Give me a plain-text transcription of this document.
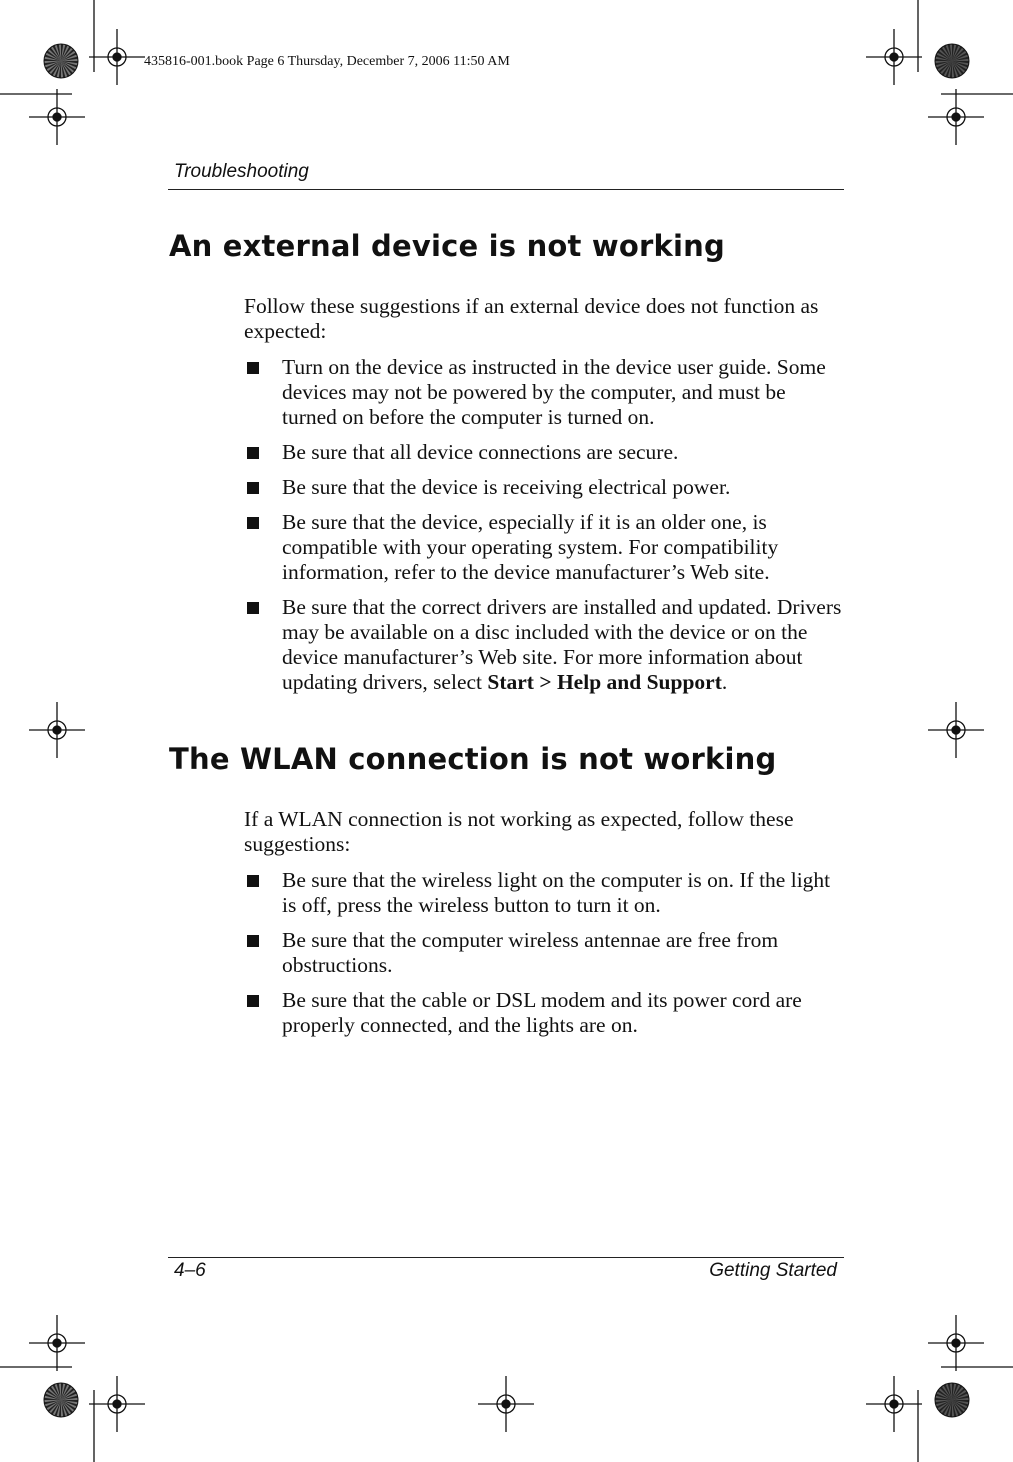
435816-001.book Page 6 Thursday, December 7, 2006 11:50 AM
Troubleshooting
An external device is not working

Follow these suggestions if an external device does not function as expected:

Turn on the device as instructed in the device user guide. Some devices may not be powered by the computer, and must be turned on before the computer is turned on.
Be sure that all device connections are secure.
Be sure that the device is receiving electrical power.
Be sure that the device, especially if it is an older one, is compatible with your operating system. For compatibility information, refer to the device manufacturer’s Web site.
Be sure that the correct drivers are installed and updated. Drivers may be available on a disc included with the device or on the device manufacturer’s Web site. For more information about updating drivers, select Start > Help and Support.
The WLAN connection is not working

If a WLAN connection is not working as expected, follow these suggestions:

Be sure that the wireless light on the computer is on. If the light is off, press the wireless button to turn it on.
Be sure that the computer wireless antennae are free from obstructions.
Be sure that the cable or DSL modem and its power cord are properly connected, and the lights are on.
4–6	Getting Started
